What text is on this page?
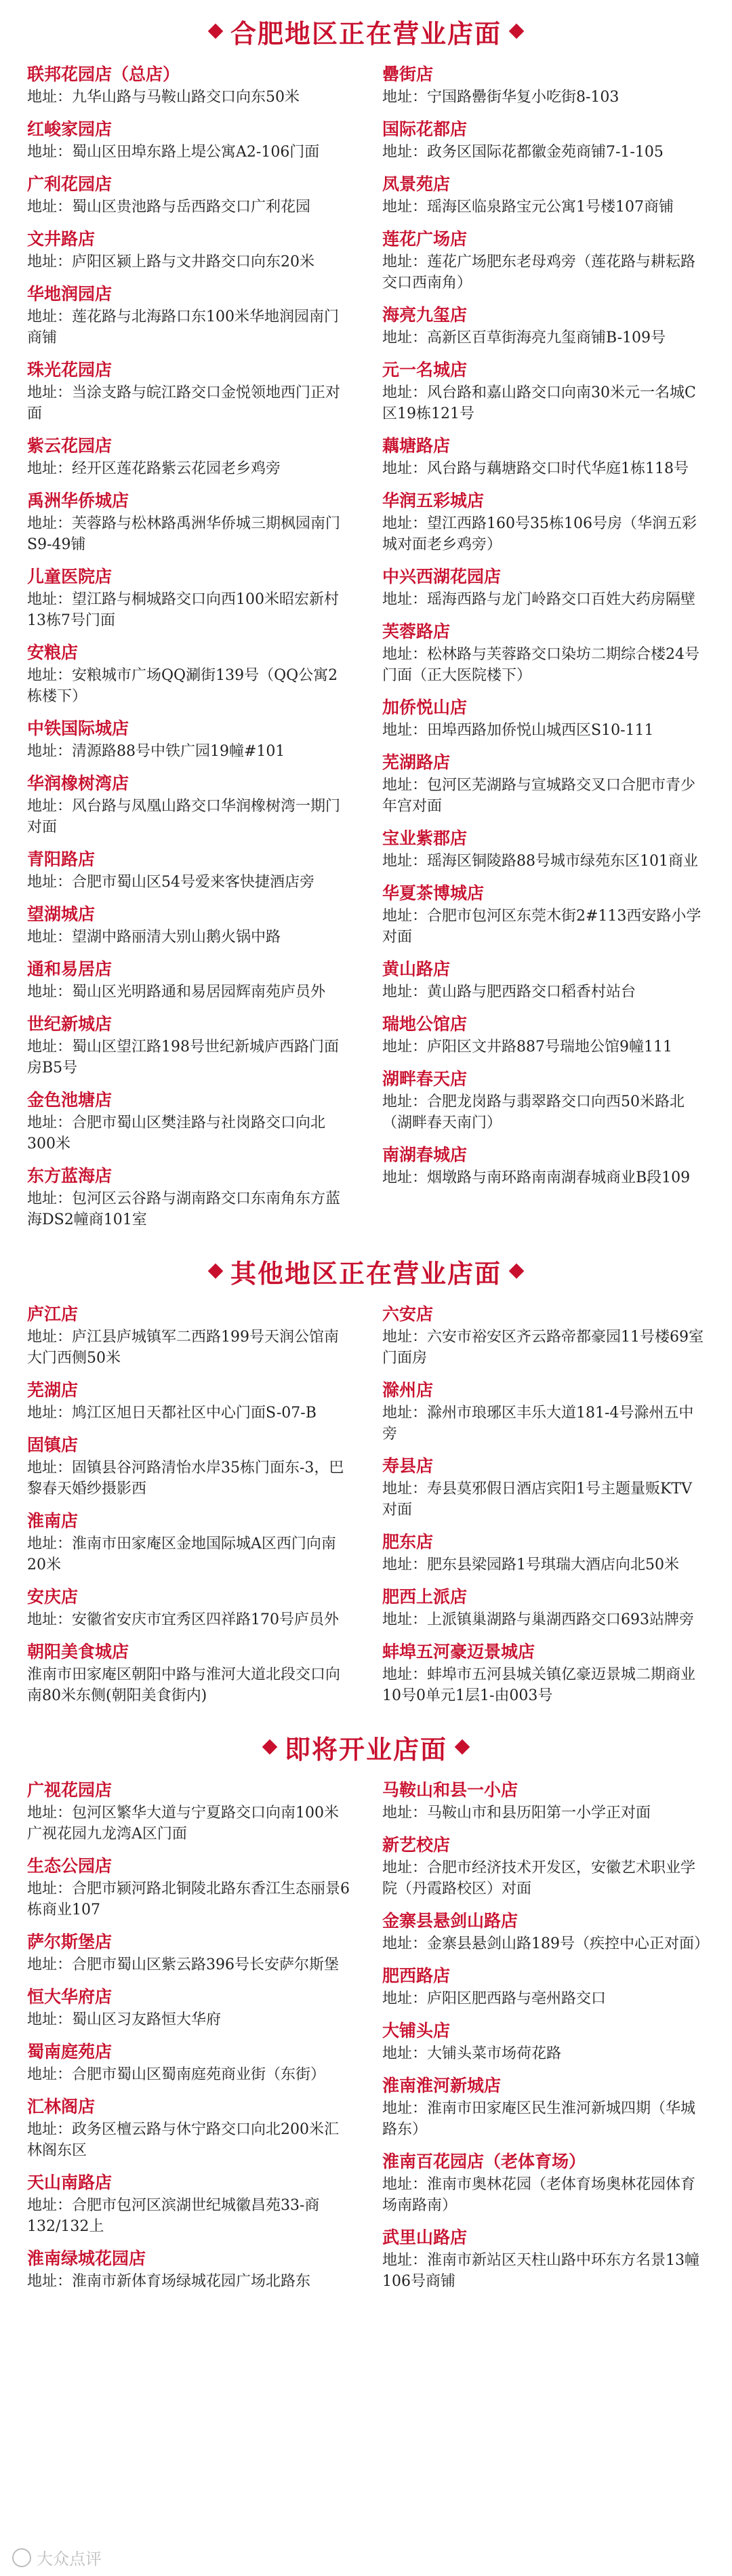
合肥地区正在营业店面
联邦花园店（总店）
地址：九华山路与马鞍山路交口向东50米
红峻家园店
地址：蜀山区田埠东路上堤公寓A2-106门面
广利花园店
地址：蜀山区贵池路与岳西路交口广利花园
文井路店
地址：庐阳区颍上路与文井路交口向东20米
华地润园店
地址：莲花路与北海路口东100米华地润园南门商铺
珠光花园店
地址：当涂支路与皖江路交口金悦领地西门正对面
紫云花园店
地址：经开区莲花路紫云花园老乡鸡旁
禹洲华侨城店
地址：芙蓉路与松林路禹洲华侨城三期枫园南门S9-49铺
儿童医院店
地址：望江路与桐城路交口向西100米昭宏新村13栋7号门面
安粮店
地址：安粮城市广场QQ涮街139号（QQ公寓2栋楼下）
中铁国际城店
地址：清源路88号中铁广园19幢#101
华润橡树湾店
地址：风台路与凤凰山路交口华润橡树湾一期门对面
青阳路店
地址：合肥市蜀山区54号爱来客快捷酒店旁
望湖城店
地址：望湖中路丽清大别山鹅火锅中路
通和易居店
地址：蜀山区光明路通和易居园辉南苑庐员外
世纪新城店
地址：蜀山区望江路198号世纪新城庐西路门面房B5号
金色池塘店
地址：合肥市蜀山区樊洼路与社岗路交口向北300米
东方蓝海店
地址：包河区云谷路与湖南路交口东南角东方蓝海DS2幢商101室
罍街店
地址：宁国路罍街华复小吃街8-103
国际花都店
地址：政务区国际花都徽金苑商铺7-1-105
凤景苑店
地址：瑶海区临泉路宝元公寓1号楼107商铺
莲花广场店
地址：莲花广场肥东老母鸡旁（莲花路与耕耘路交口西南角）
海亮九玺店
地址：高新区百草街海亮九玺商铺B-109号
元一名城店
地址：风台路和嘉山路交口向南30米元一名城C区19栋121号
藕塘路店
地址：风台路与藕塘路交口时代华庭1栋118号
华润五彩城店
地址：望江西路160号35栋106号房（华润五彩城对面老乡鸡旁）
中兴西湖花园店
地址：瑶海西路与龙门岭路交口百姓大药房隔壁
芙蓉路店
地址：松林路与芙蓉路交口染坊二期综合楼24号门面（正大医院楼下）
加侨悦山店
地址：田埠西路加侨悦山城西区S10-111
芜湖路店
地址：包河区芜湖路与宣城路交叉口合肥市青少年宫对面
宝业紫郡店
地址：瑶海区铜陵路88号城市绿苑东区101商业
华夏茶博城店
地址：合肥市包河区东莞木街2#113西安路小学对面
黄山路店
地址：黄山路与肥西路交口稻香村站台
瑞地公馆店
地址：庐阳区文井路887号瑞地公馆9幢111
湖畔春天店
地址：合肥龙岗路与翡翠路交口向西50米路北（湖畔春天南门）
南湖春城店
地址：烟墩路与南环路南南湖春城商业B段109
其他地区正在营业店面
庐江店
地址：庐江县庐城镇军二西路199号天润公馆南大门西侧50米
芜湖店
地址：鸠江区旭日天都社区中心门面S-07-B
固镇店
地址：固镇县谷河路清怡水岸35栋门面东-3，巴黎春天婚纱摄影西
淮南店
地址：淮南市田家庵区金地国际城A区西门向南20米
安庆店
地址：安徽省安庆市宜秀区四祥路170号庐员外
朝阳美食城店
淮南市田家庵区朝阳中路与淮河大道北段交口向南80米东侧(朝阳美食街内)
六安店
地址：六安市裕安区齐云路帝都豪园11号楼69室门面房
滁州店
地址：滁州市琅琊区丰乐大道181-4号滁州五中旁
寿县店
地址：寿县莫邪假日酒店宾阳1号主题量贩KTV对面
肥东店
地址：肥东县梁园路1号琪瑞大酒店向北50米
肥西上派店
地址：上派镇巢湖路与巢湖西路交口693站牌旁
蚌埠五河豪迈景城店
地址：蚌埠市五河县城关镇亿豪迈景城二期商业10号0单元1层1-由003号
即将开业店面
广视花园店
地址：包河区繁华大道与宁夏路交口向南100米广视花园九龙湾A区门面
生态公园店
地址：合肥市颍河路北铜陵北路东香江生态丽景6栋商业107
萨尔斯堡店
地址：合肥市蜀山区紫云路396号长安萨尔斯堡
恒大华府店
地址：蜀山区习友路恒大华府
蜀南庭苑店
地址：合肥市蜀山区蜀南庭苑商业街（东街）
汇林阁店
地址：政务区檀云路与休宁路交口向北200米汇林阁东区
天山南路店
地址：合肥市包河区滨湖世纪城徽昌苑33-商132/132上
淮南绿城花园店
地址：淮南市新体育场绿城花园广场北路东
马鞍山和县一小店
地址：马鞍山市和县历阳第一小学正对面
新艺校店
地址：合肥市经济技术开发区，安徽艺术职业学院（丹霞路校区）对面
金寨县悬剑山路店
地址：金寨县悬剑山路189号（疾控中心正对面）
肥西路店
地址：庐阳区肥西路与亳州路交口
大铺头店
地址：大铺头菜市场荷花路
淮南淮河新城店
地址：淮南市田家庵区民生淮河新城四期（华城路东）
淮南百花园店（老体育场）
地址：淮南市奥林花园（老体育场奥林花园体育场南路南）
武里山路店
地址：淮南市新站区天柱山路中环东方名景13幢106号商铺
大众点评
